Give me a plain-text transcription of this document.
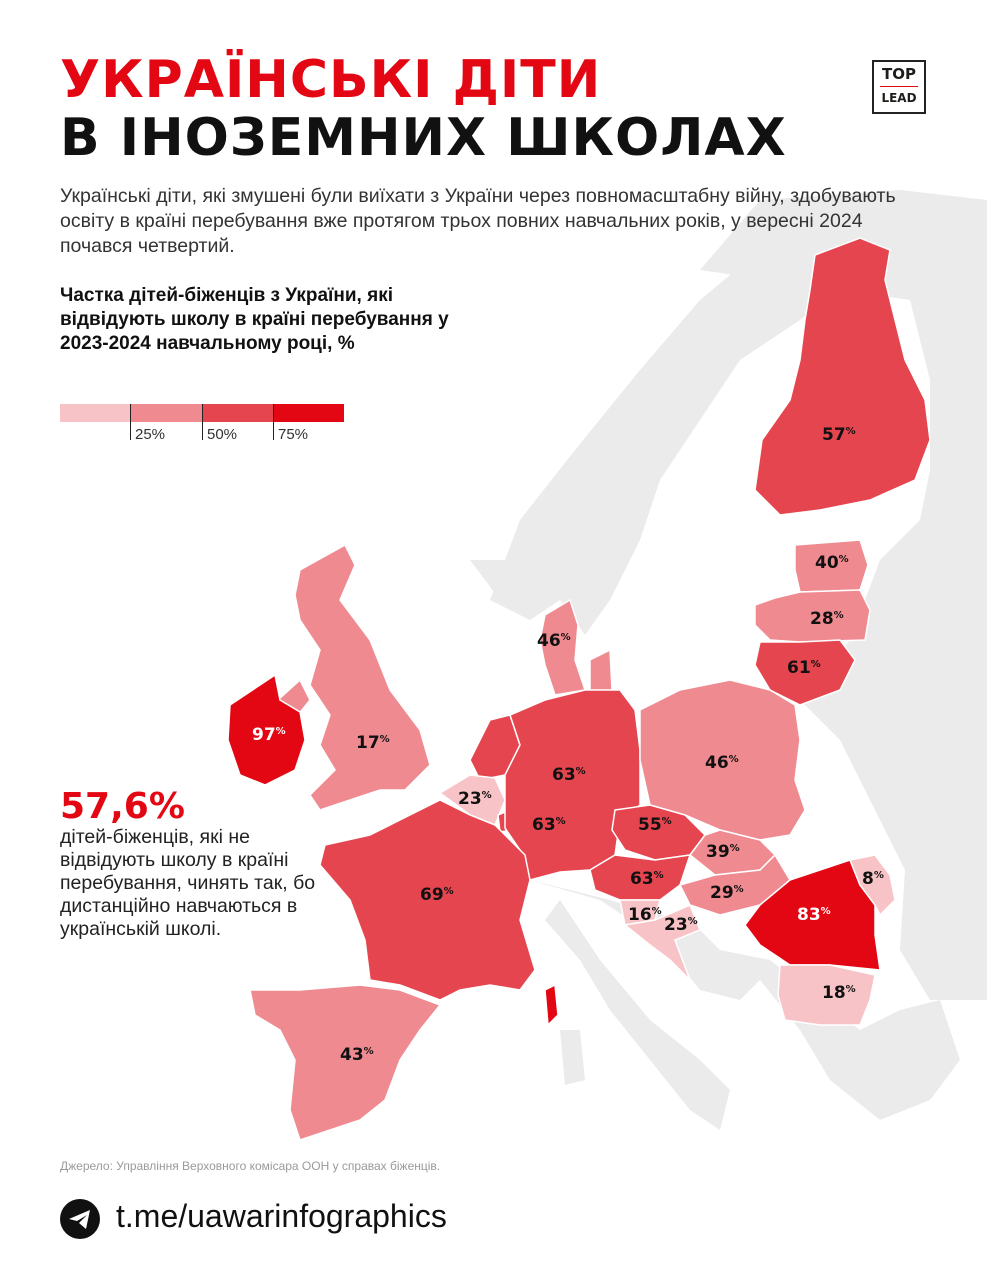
57%
40%
28%
61%
46%
97%
17%
63%
23%
63%
46%
55%
39%
63%
29%
16%
23%
8%
83%
18%
69%
43%
УКРАЇНСЬКІ ДІТИ
В ІНОЗЕМНИХ ШКОЛАХ
TOP
LEAD

Українські діти, які змушені були виїхати з України через повномасштабну війну, здобувають освіту в країні перебування вже протягом трьох повних навчальних років, у вересні 2024 почався четвертий.

Частка дітей-біженців з України, які відвідують школу в країні перебування у 2023-2024 навчальному році, %

25%	50%	75%

57,6%

дітей-біженців, які не відвідують школу в країні перебування, чинять так, бо дистанційно навчаються в українській школі.

Джерело: Управління Верховного комісара ООН у справах біженців.
t.me/uawarinfographics
